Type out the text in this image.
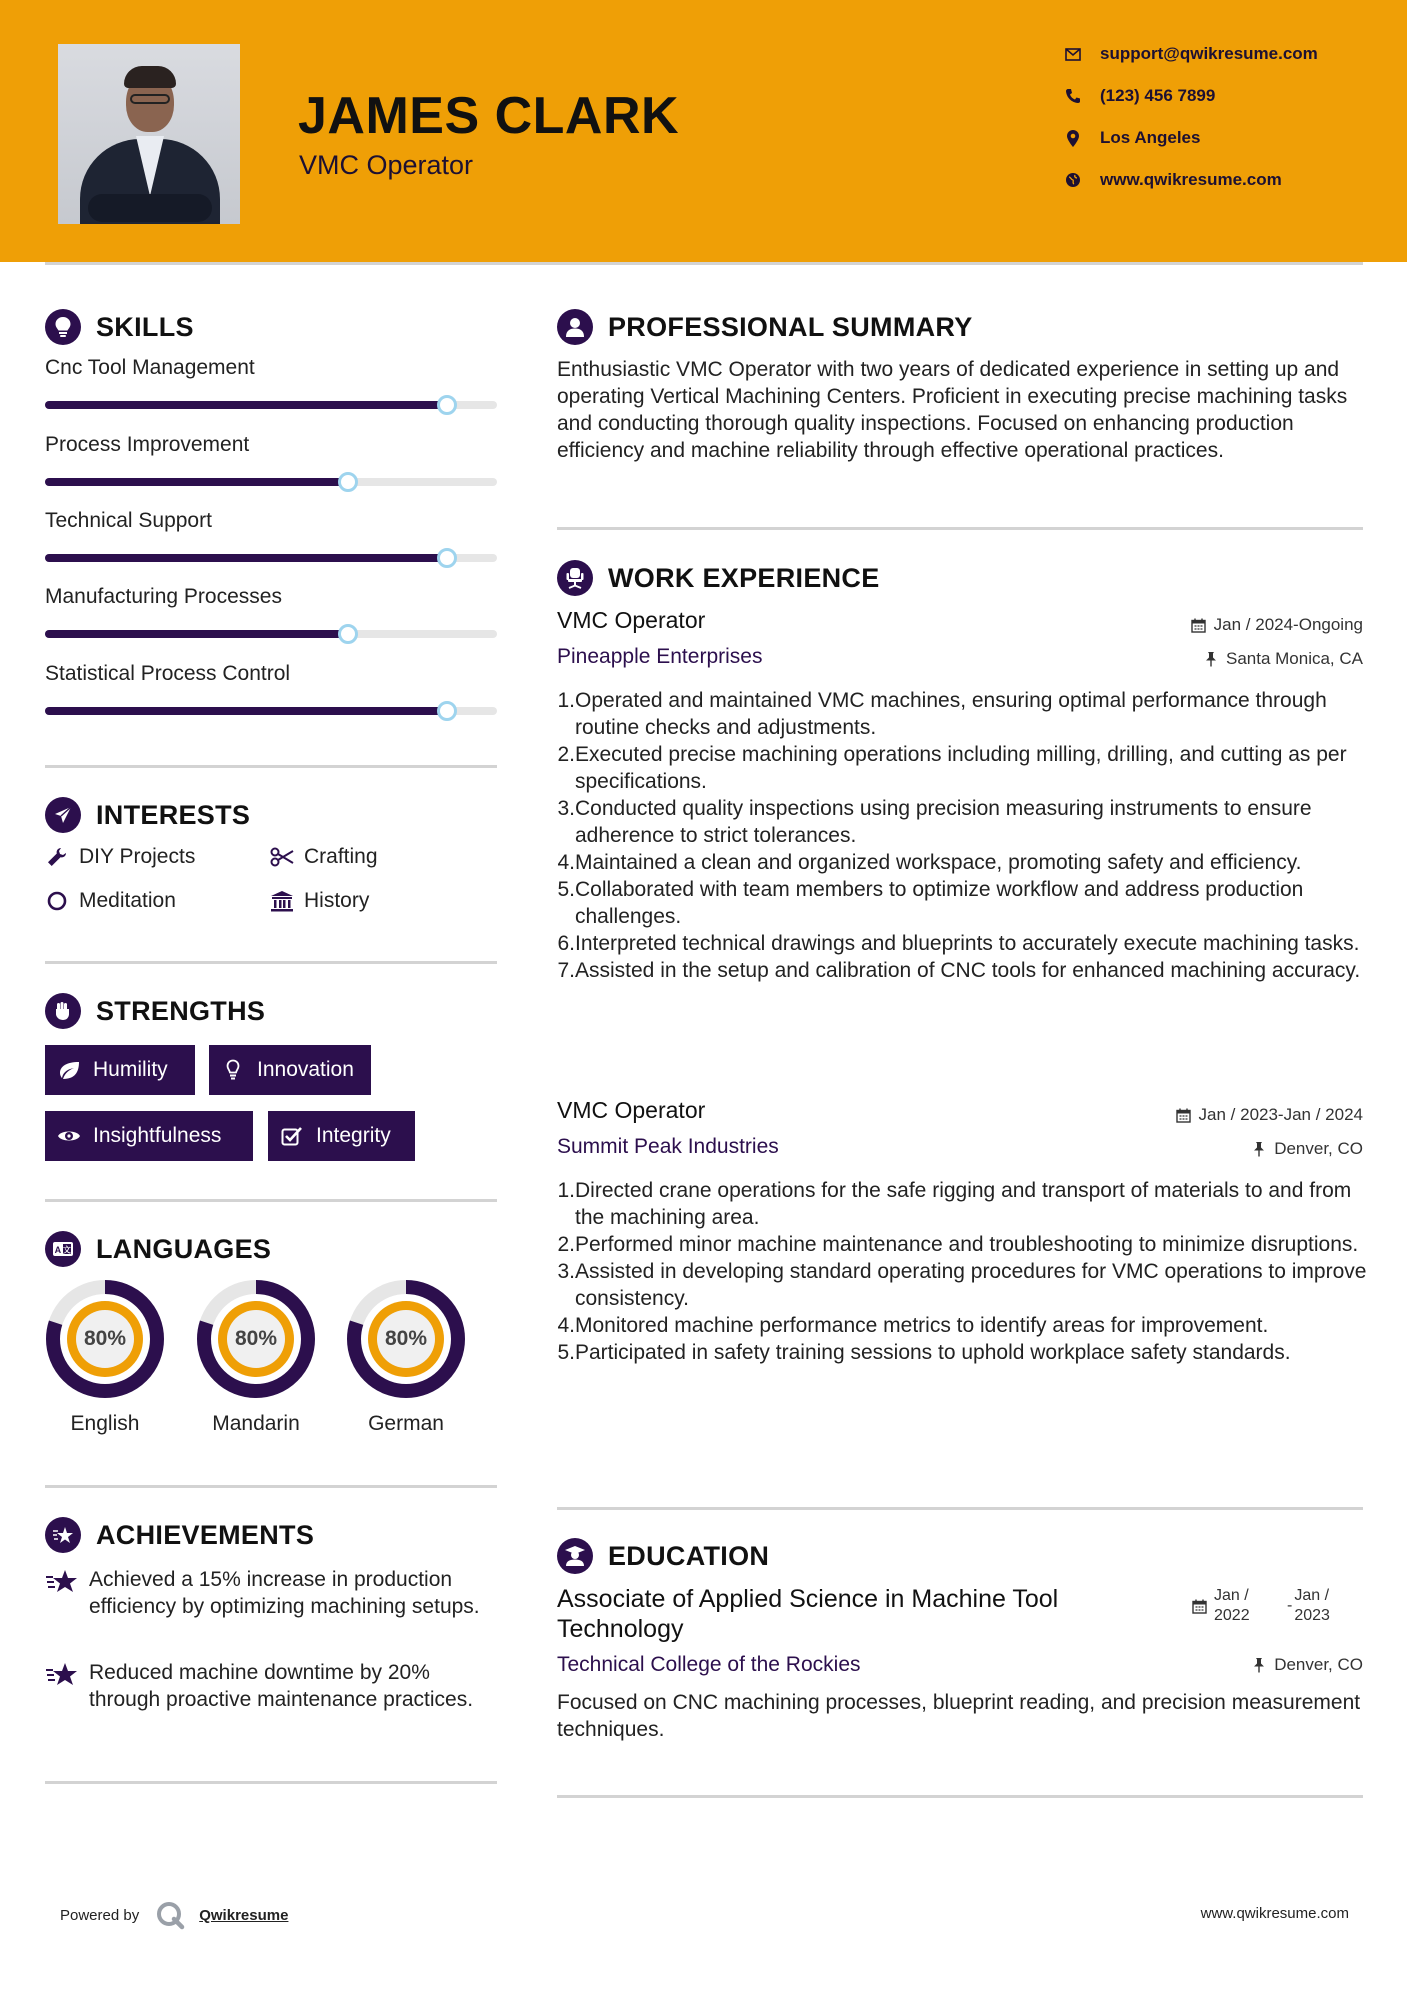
JAMES CLARK
VMC Operator
support@qwikresume.com
(123) 456 7899
Los Angeles
www.qwikresume.com
SKILLS
Cnc Tool Management
Process Improvement
Technical Support
Manufacturing Processes
Statistical Process Control
INTERESTS
DIY Projects	Crafting
Meditation	History
STRENGTHS
Humility	Innovation
Insightfulness	Integrity
A 文 LANGUAGES
80%
English
80%
Mandarin
80%
German
ACHIEVEMENTS
Achieved a 15% increase in production efficiency by optimizing machining setups.
Reduced machine downtime by 20% through proactive maintenance practices.
PROFESSIONAL SUMMARY
Enthusiastic VMC Operator with two years of dedicated experience in setting up and operating Vertical Machining Centers. Proficient in executing precise machining tasks and conducting thorough quality inspections. Focused on enhancing production efficiency and machine reliability through effective operational practices.
WORK EXPERIENCE
VMC Operator	Jan / 2024-Ongoing
Pineapple Enterprises	Santa Monica, CA
1. Operated and maintained VMC machines, ensuring optimal performance through routine checks and adjustments.
2. Executed precise machining operations including milling, drilling, and cutting as per specifications.
3. Conducted quality inspections using precision measuring instruments to ensure adherence to strict tolerances.
4. Maintained a clean and organized workspace, promoting safety and efficiency.
5. Collaborated with team members to optimize workflow and address production challenges.
6. Interpreted technical drawings and blueprints to accurately execute machining tasks.
7. Assisted in the setup and calibration of CNC tools for enhanced machining accuracy.
VMC Operator	Jan / 2023-Jan / 2024
Summit Peak Industries	Denver, CO
1. Directed crane operations for the safe rigging and transport of materials to and from the machining area.
2. Performed minor machine maintenance and troubleshooting to minimize disruptions.
3. Assisted in developing standard operating procedures for VMC operations to improve consistency.
4. Monitored machine performance metrics to identify areas for improvement.
5. Participated in safety training sessions to uphold workplace safety standards.
EDUCATION
Associate of Applied Science in Machine Tool Technology
Jan /
2022
-
Jan /
2023
Technical College of the Rockies	Denver, CO
Focused on CNC machining processes, blueprint reading, and precision measurement techniques.
Powered by	Qwikresume	www.qwikresume.com
